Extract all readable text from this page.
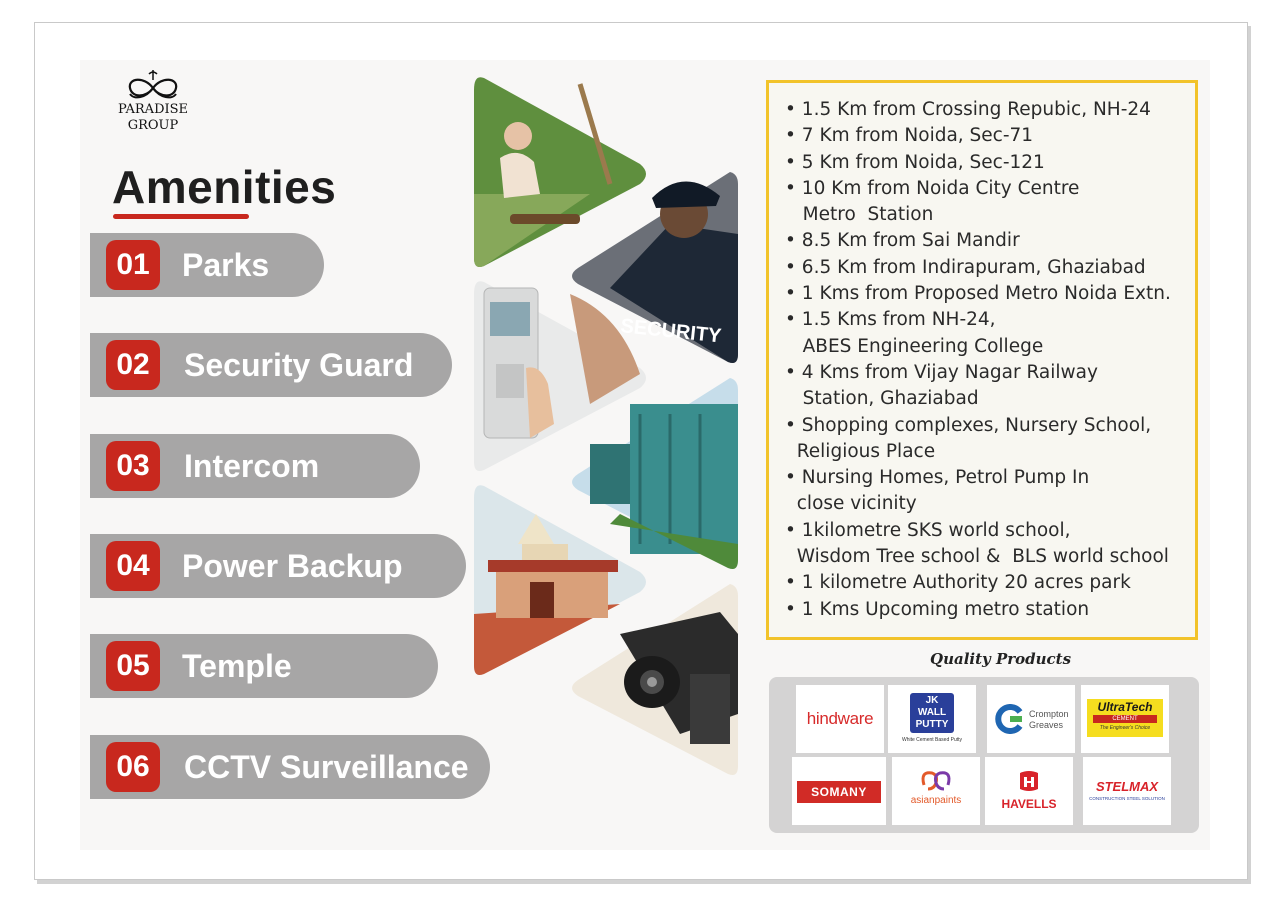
PARADISE
GROUP
Amenities
01	Parks
02	Security Guard
03	Intercom
04	Power Backup
05	Temple
06	CCTV Surveillance
SECURITY
• 1.5 Km from Crossing Repubic, NH-24
• 7 Km from Noida, Sec-71
• 5 Km from Noida, Sec-121
• 10 Km from Noida City Centre
Metro  Station
• 8.5 Km from Sai Mandir
• 6.5 Km from Indirapuram, Ghaziabad
• 1 Kms from Proposed Metro Noida Extn.
• 1.5 Kms from NH-24,
ABES Engineering College
• 4 Kms from Vijay Nagar Railway
Station, Ghaziabad
• Shopping complexes, Nursery School,
Religious Place
• Nursing Homes, Petrol Pump In
close vicinity
• 1kilometre SKS world school,
Wisdom Tree school &  BLS world school
• 1 kilometre Authority 20 acres park
• 1 Kms Upcoming metro station
Quality Products
hindware
JK
WALL
PUTTY
White Cement Based Putty
Crompton
Greaves
UltraTech
CEMENT
The Engineer's Choice
SOMANY
asianpaints	HAVELLS
STELMAX
CONSTRUCTION STEEL SOLUTION
